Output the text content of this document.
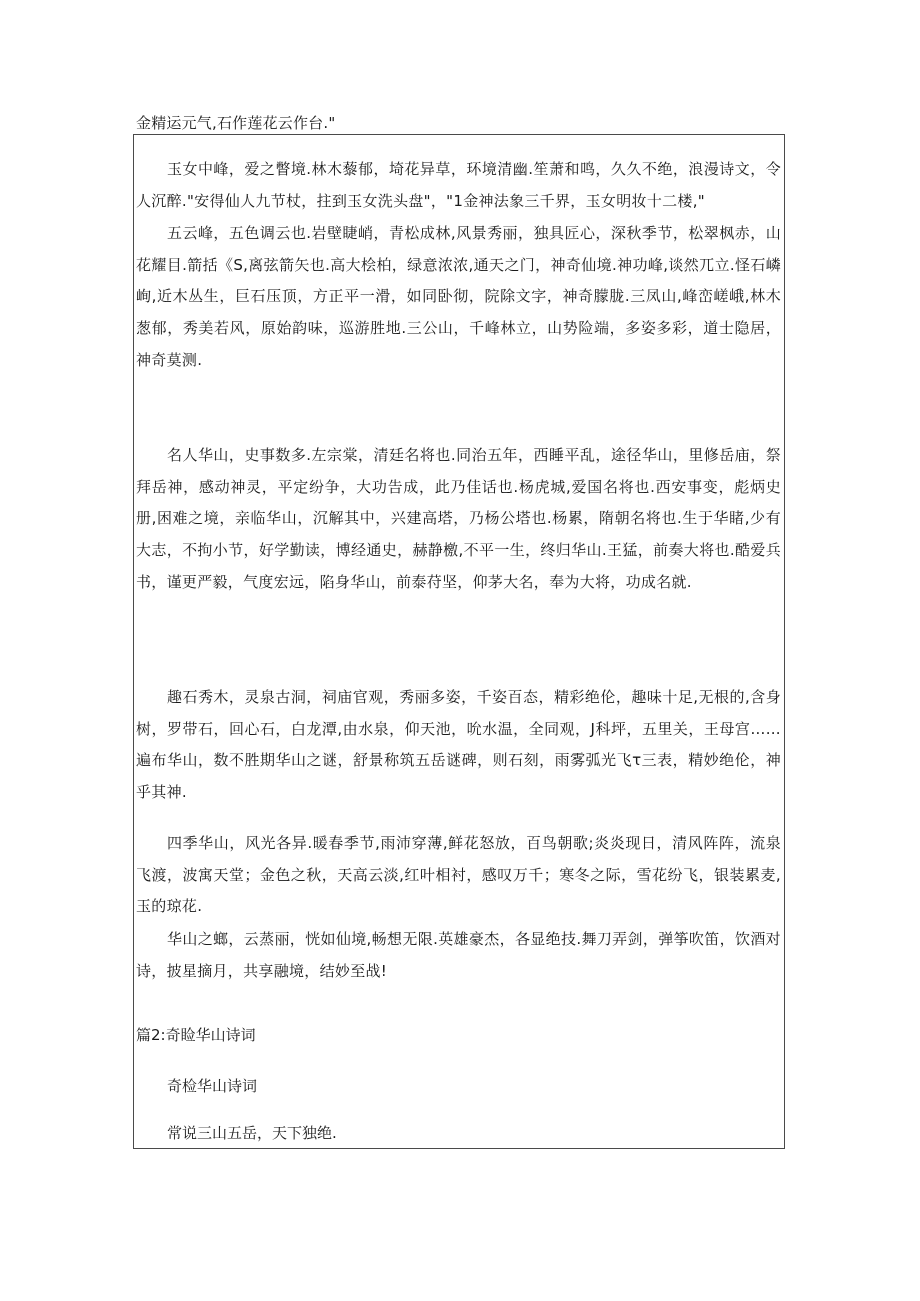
金精运元气,石作莲花云作台."

玉女中峰，爱之瞥境.林木藜郁，埼花异草，环境清幽.笙萧和鸣，久久不绝，浪漫诗文，令人沉醉."安得仙人九节杖，拄到玉女洗头盘"，"1金神法象三千界，玉女明妆十二楼,"

五云峰，五色调云也.岩壁睫峭，青松成林,风景秀丽，独具匠心，深秋季节，松翠枫赤，山花耀目.箭括《S,离弦箭矢也.高大桧柏，绿意浓浓,通天之门，神奇仙境.神功峰,谈然兀立.怪石嶙峋,近木丛生，巨石压顶，方正平一滑，如同卧彻，院除文字，神奇朦胧.三凤山,峰峦嵯峨,林木葱郁，秀美若风，原始韵味，巡游胜地.三公山，千峰林立，山势险端，多姿多彩，道士隐居，神奇莫测.

名人华山，史事数多.左宗棠，清廷名将也.同治五年，西睡平乱，途径华山，里修岳庙，祭拜岳神，感动神灵，平定纷争，大功告成，此乃佳话也.杨虎城,爱国名将也.西安事变，彪炳史册,困难之境，亲临华山，沉解其中，兴建高塔，乃杨公塔也.杨累，隋朝名将也.生于华睹,少有大志，不拘小节，好学勤读，博经通史，赫静檄,不平一生，终归华山.王猛，前奏大将也.酷爱兵书，谨更严毅，气度宏远，陷身华山，前泰苻坚，仰茅大名，奉为大将，功成名就.

趣石秀木，灵泉古洞，祠庙官观，秀丽多姿，千姿百态，精彩绝伦，趣味十足,无根的,含身树，罗带石，回心石，白龙潭,由水泉，仰天池，吮水温，全同观，J科坪，五里关，王母宫……遍布华山，数不胜期华山之谜，舒景称筑五岳谜碑，则石刻，雨雾弧光飞τ三表，精妙绝伦，神乎其神.

四季华山，风光各异.暖春季节,雨沛穿薄,鲜花怒放，百鸟朝歌;炎炎现日，清风阵阵，流泉飞渡，波寓天堂；金色之秋，天高云淡,红叶相衬，感叹万千；寒冬之际，雪花纷飞，银装累麦,玉的琼花.

华山之螂，云蒸丽，恍如仙境,畅想无限.英雄豪杰，各显绝技.舞刀弄剑，弹筝吹笛，饮酒对诗，披星摘月，共享融境，结妙至战!

篇2:奇睑华山诗词
奇检华山诗词
常说三山五岳，天下独绝.
